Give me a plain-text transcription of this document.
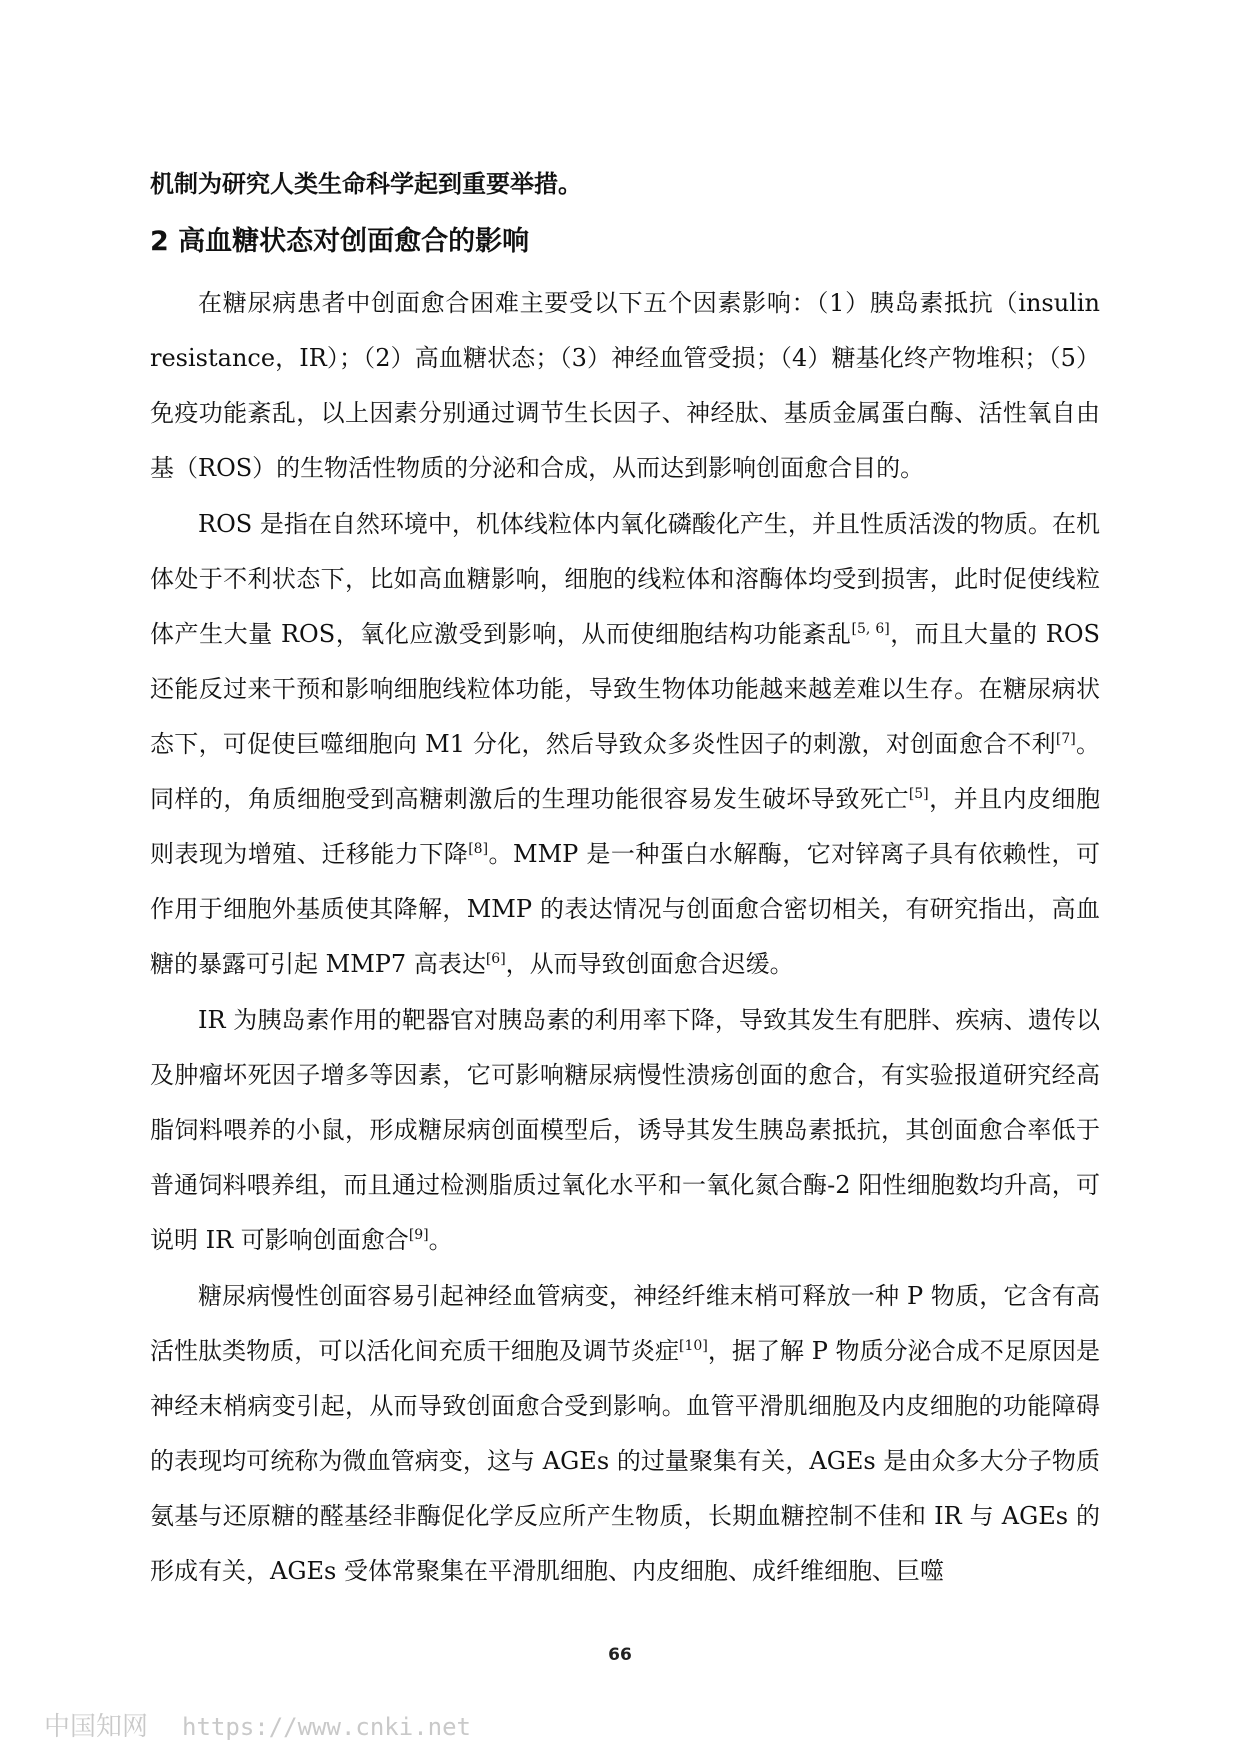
机制为研究人类生命科学起到重要举措。

2 高血糖状态对创面愈合的影响

在糖尿病患者中创面愈合困难主要受以下五个因素影响：（1）胰岛素抵抗（insulin resistance，IR）；（2）高血糖状态；（3）神经血管受损；（4）糖基化终产物堆积；（5）免疫功能紊乱，以上因素分别通过调节生长因子、神经肽、基质金属蛋白酶、活性氧自由基（ROS）的生物活性物质的分泌和合成，从而达到影响创面愈合目的。

ROS 是指在自然环境中，机体线粒体内氧化磷酸化产生，并且性质活泼的物质。在机体处于不利状态下，比如高血糖影响，细胞的线粒体和溶酶体均受到损害，此时促使线粒体产生大量 ROS，氧化应激受到影响，从而使细胞结构功能紊乱[5, 6]，而且大量的 ROS 还能反过来干预和影响细胞线粒体功能，导致生物体功能越来越差难以生存。在糖尿病状态下，可促使巨噬细胞向 M1 分化，然后导致众多炎性因子的刺激，对创面愈合不利[7]。同样的，角质细胞受到高糖刺激后的生理功能很容易发生破坏导致死亡[5]，并且内皮细胞则表现为增殖、迁移能力下降[8]。MMP 是一种蛋白水解酶，它对锌离子具有依赖性，可作用于细胞外基质使其降解，MMP 的表达情况与创面愈合密切相关，有研究指出，高血糖的暴露可引起 MMP7 高表达[6]，从而导致创面愈合迟缓。

IR 为胰岛素作用的靶器官对胰岛素的利用率下降，导致其发生有肥胖、疾病、遗传以及肿瘤坏死因子增多等因素，它可影响糖尿病慢性溃疡创面的愈合，有实验报道研究经高脂饲料喂养的小鼠，形成糖尿病创面模型后，诱导其发生胰岛素抵抗，其创面愈合率低于普通饲料喂养组，而且通过检测脂质过氧化水平和一氧化氮合酶-2 阳性细胞数均升高，可说明 IR 可影响创面愈合[9]。

糖尿病慢性创面容易引起神经血管病变，神经纤维末梢可释放一种 P 物质，它含有高活性肽类物质，可以活化间充质干细胞及调节炎症[10]，据了解 P 物质分泌合成不足原因是神经末梢病变引起，从而导致创面愈合受到影响。血管平滑肌细胞及内皮细胞的功能障碍的表现均可统称为微血管病变，这与 AGEs 的过量聚集有关，AGEs 是由众多大分子物质氨基与还原糖的醛基经非酶促化学反应所产生物质，长期血糖控制不佳和 IR 与 AGEs 的形成有关，AGEs 受体常聚集在平滑肌细胞、内皮细胞、成纤维细胞、巨噬

66
中国知网 https://www.cnki.net
